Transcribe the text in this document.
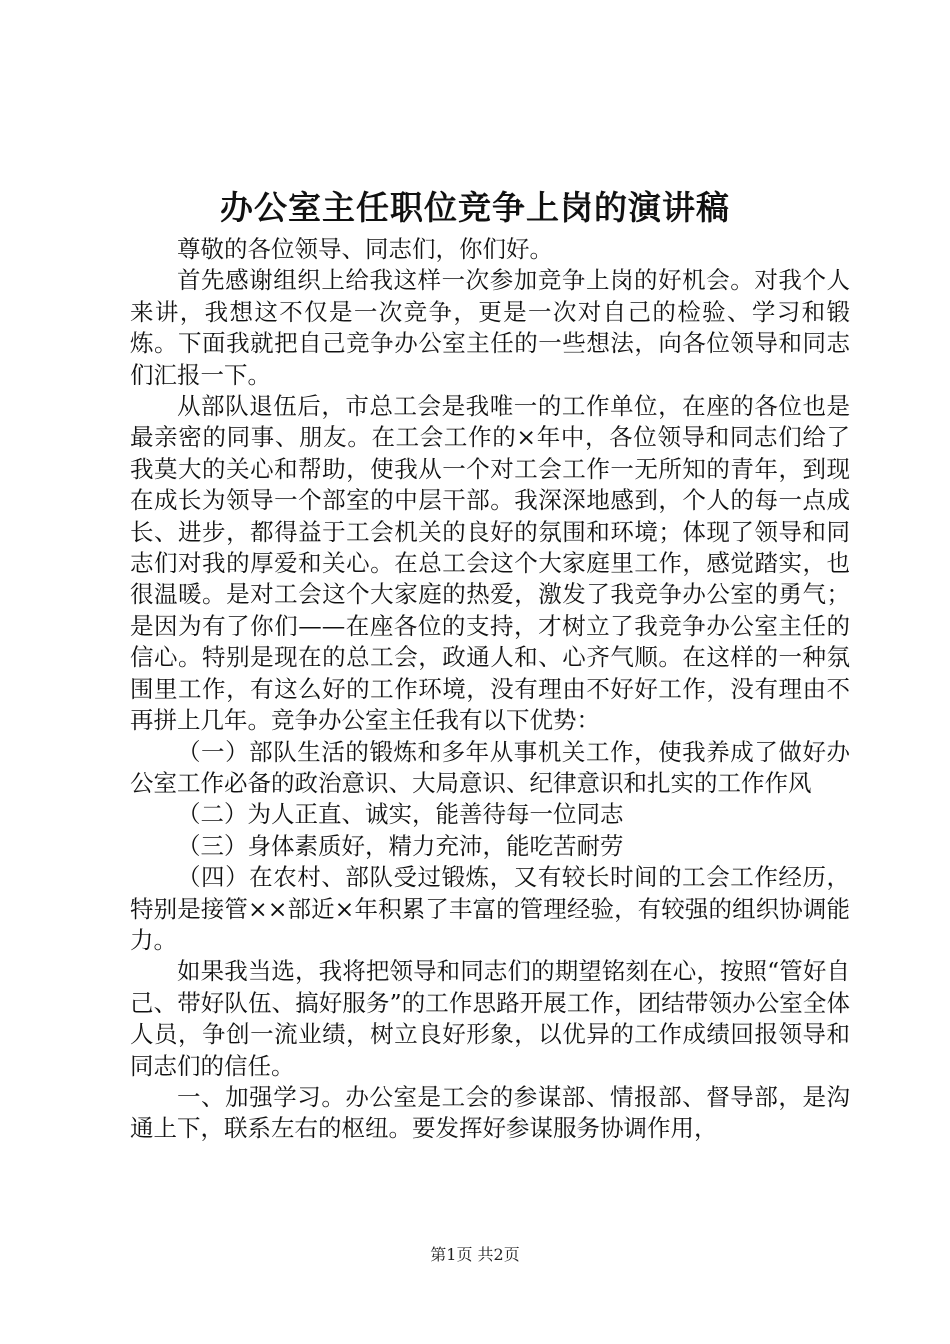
办公室主任职位竞争上岗的演讲稿

尊敬的各位领导、同志们，你们好。

首先感谢组织上给我这样一次参加竞争上岗的好机会。对我个人来讲，我想这不仅是一次竞争，更是一次对自己的检验、学习和锻炼。下面我就把自己竞争办公室主任的一些想法，向各位领导和同志们汇报一下。

从部队退伍后，市总工会是我唯一的工作单位，在座的各位也是最亲密的同事、朋友。在工会工作的×年中，各位领导和同志们给了我莫大的关心和帮助，使我从一个对工会工作一无所知的青年，到现在成长为领导一个部室的中层干部。我深深地感到，个人的每一点成长、进步，都得益于工会机关的良好的氛围和环境；体现了领导和同志们对我的厚爱和关心。在总工会这个大家庭里工作，感觉踏实，也很温暖。是对工会这个大家庭的热爱，激发了我竞争办公室的勇气；是因为有了你们——在座各位的支持，才树立了我竞争办公室主任的信心。特别是现在的总工会，政通人和、心齐气顺。在这样的一种氛围里工作，有这么好的工作环境，没有理由不好好工作，没有理由不再拼上几年。竞争办公室主任我有以下优势：

（一）部队生活的锻炼和多年从事机关工作，使我养成了做好办公室工作必备的政治意识、大局意识、纪律意识和扎实的工作作风

（二）为人正直、诚实，能善待每一位同志

（三）身体素质好，精力充沛，能吃苦耐劳

（四）在农村、部队受过锻炼，又有较长时间的工会工作经历，特别是接管××部近×年积累了丰富的管理经验，有较强的组织协调能力。

如果我当选，我将把领导和同志们的期望铭刻在心，按照“管好自己、带好队伍、搞好服务”的工作思路开展工作，团结带领办公室全体人员，争创一流业绩，树立良好形象，以优异的工作成绩回报领导和同志们的信任。

一、加强学习。办公室是工会的参谋部、情报部、督导部，是沟通上下，联系左右的枢纽。要发挥好参谋服务协调作用，

第1页 共2页
